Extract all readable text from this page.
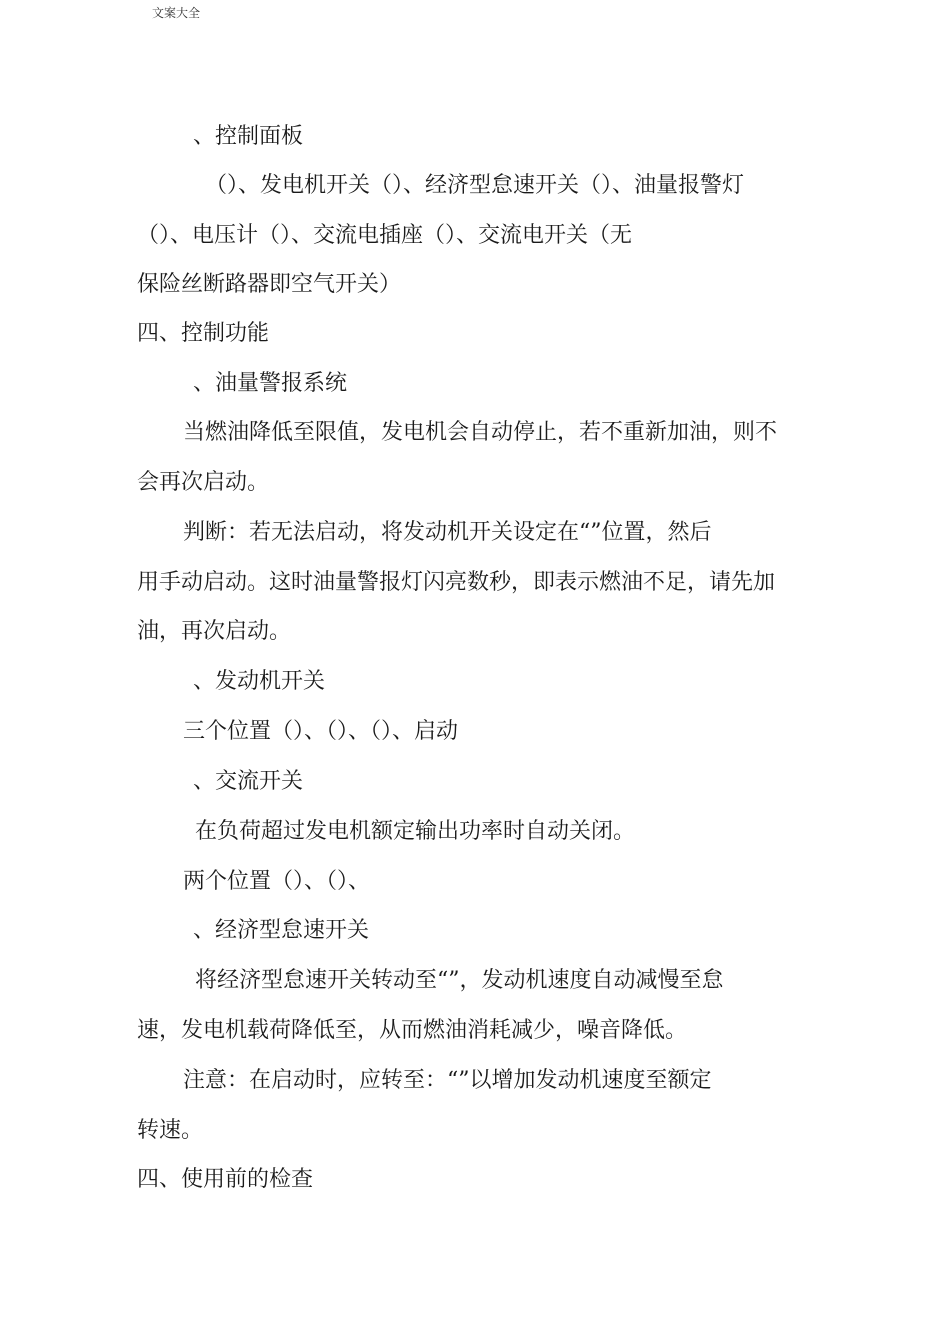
文案大全
、控制面板
（）、发电机开关（）、经济型怠速开关（）、油量报警灯
（）、电压计（）、交流电插座（）、交流电开关（无
保险丝断路器即空气开关）
四、控制功能
、油量警报系统
当燃油降低至限值，发电机会自动停止，若不重新加油，则不
会再次启动。
判断：若无法启动，将发动机开关设定在“”位置，然后
用手动启动。这时油量警报灯闪亮数秒，即表示燃油不足，请先加
油，再次启动。
、发动机开关
三个位置（）、（）、（）、启动
、交流开关
在负荷超过发电机额定输出功率时自动关闭。
两个位置（）、（）、
、经济型怠速开关
将经济型怠速开关转动至“”，发动机速度自动减慢至怠
速，发电机载荷降低至，从而燃油消耗减少，噪音降低。
注意：在启动时，应转至：“”以增加发动机速度至额定
转速。
四、使用前的检查
